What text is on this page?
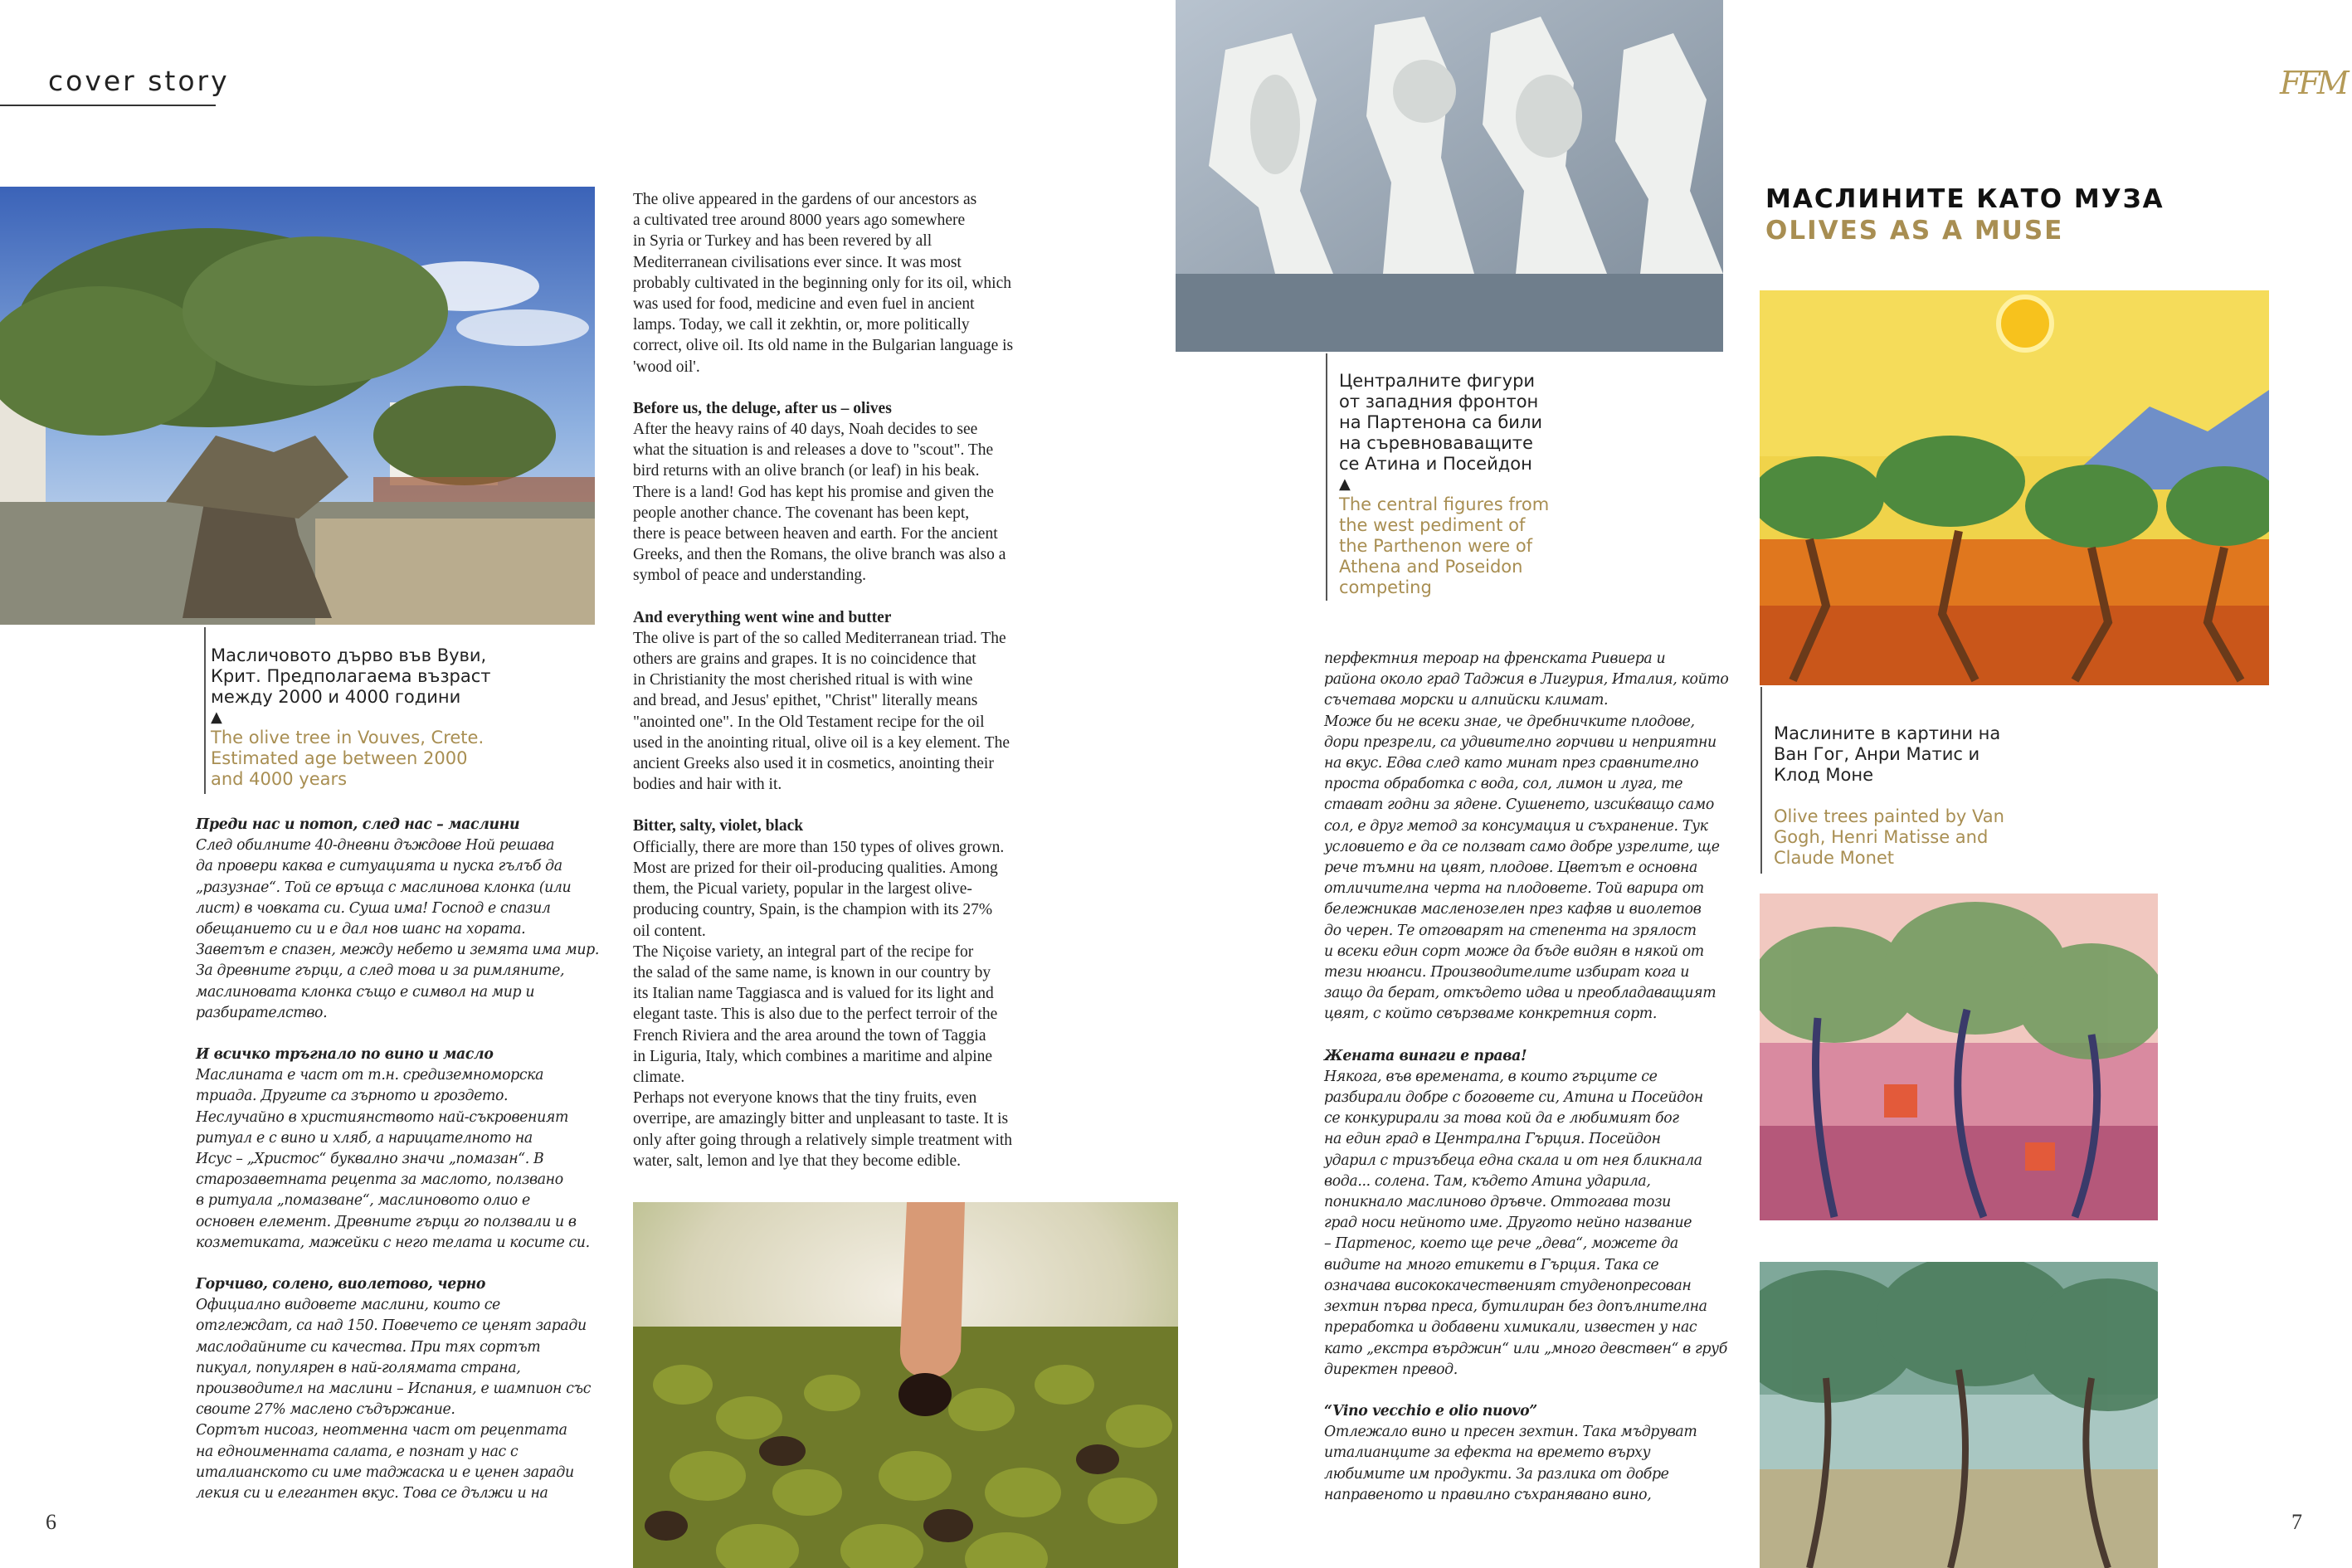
cover story	FFM
Масличовото дърво във Вуви,
Крит. Предполагаема възраст
между 2000 и 4000 години
▲
The olive tree in Vouves, Crete.
Estimated age between 2000
and 4000 years

Преди нас и потоп, след нас – маслини

След обилните 40-дневни дъждове Ной решава

да провери каква е ситуацията и пуска гълъб да

„разузнае“. Той се връща с маслинова клонка (или

лист) в човката си. Суша има! Господ е спазил

обещанието си и е дал нов шанс на хората.

Заветът е спазен, между небето и земята има мир.

За древните гърци, а след това и за римляните,

маслиновата клонка също е символ на мир и

разбирателство.

И всичко тръгнало по вино и масло

Маслината е част от т.н. средиземноморска

триада. Другите са зърното и гроздето.

Неслучайно в християнството най-съкровеният

ритуал е с вино и хляб, а нарицателното на

Исус – „Христос“ буквално значи „помазан“. В

старозаветната рецепта за маслото, ползвано

в ритуала „помазване“, маслиновото олио е

основен елемент. Древните гърци го ползвали и в

козметиката, мажейки с него телата и косите си.

Горчиво, солено, виолетово, черно

Официално видовете маслини, които се

отглеждат, са над 150. Повечето се ценят заради

маслодайните си качества. При тях сортът

пикуал, популярен в най-голямата страна,

производител на маслини – Испания, е шампион със

своите 27% маслено съдържание.

Сортът нисоаз, неотменна част от рецептата

на едноименната салата, е познат у нас с

италианското си име таджаска и е ценен заради

лекия си и елегантен вкус. Това се дължи и на

The olive appeared in the gardens of our ancestors as

a cultivated tree around 8000 years ago somewhere

in Syria or Turkey and has been revered by all

Mediterranean civilisations ever since. It was most

probably cultivated in the beginning only for its oil, which

was used for food, medicine and even fuel in ancient

lamps. Today, we call it zekhtin, or, more politically

correct, olive oil. Its old name in the Bulgarian language is

'wood oil'.

Before us, the deluge, after us – olives

After the heavy rains of 40 days, Noah decides to see

what the situation is and releases a dove to "scout". The

bird returns with an olive branch (or leaf) in his beak.

There is a land! God has kept his promise and given the

people another chance. The covenant has been kept,

there is peace between heaven and earth. For the ancient

Greeks, and then the Romans, the olive branch was also a

symbol of peace and understanding.

And everything went wine and butter

The olive is part of the so called Mediterranean triad. The

others are grains and grapes. It is no coincidence that

in Christianity the most cherished ritual is with wine

and bread, and Jesus' epithet, "Christ" literally means

"anointed one". In the Old Testament recipe for the oil

used in the anointing ritual, olive oil is a key element. The

ancient Greeks also used it in cosmetics, anointing their

bodies and hair with it.

Bitter, salty, violet, black

Officially, there are more than 150 types of olives grown.

Most are prized for their oil-producing qualities. Among

them, the Picual variety, popular in the largest olive-

producing country, Spain, is the champion with its 27%

oil content.

The Niçoise variety, an integral part of the recipe for

the salad of the same name, is known in our country by

its Italian name Taggiasca and is valued for its light and

elegant taste. This is also due to the perfect terroir of the

French Riviera and the area around the town of Taggia

in Liguria, Italy, which combines a maritime and alpine

climate.

Perhaps not everyone knows that the tiny fruits, even

overripe, are amazingly bitter and unpleasant to taste. It is

only after going through a relatively simple treatment with

water, salt, lemon and lye that they become edible.

Централните фигури
от западния фронтон
на Партенона са били
на съревноваващите
се Атина и Посейдон
▲
The central figures from
the west pediment of
the Parthenon were of
Athena and Poseidon
competing

перфектния тероар на френската Ривиера и

района около град Таджия в Лигурия, Италия, който

съчетава морски и алпийски климат.

Може би не всеки знае, че дребничките плодове,

дори презрели, са удивително горчиви и неприятни

на вкус. Едва след като минат през сравнително

проста обработка с вода, сол, лимон и луга, те

стават годни за ядене. Сушенето, изсиќващо само

сол, е друг метод за консумация и съхранение. Тук

условието е да се ползват само добре узрелите, ще

рече тъмни на цвят, плодове. Цветът е основна

отличителна черта на плодовете. Той варира от

бележникав масленозелен през кафяв и виолетов

до черен. Те отговарят на степента на зрялост

и всеки един сорт може да бъде видян в някой от

тези нюанси. Производителите избират кога и

защо да берат, откъдето идва и преобладаващият

цвят, с който свързваме конкретния сорт.

Жената винаги е права!

Някога, във времената, в които гърците се

разбирали добре с боговете си, Атина и Посейдон

се конкурирали за това кой да е любимият бог

на един град в Централна Гърция. Посейдон

ударил с тризъбеца една скала и от нея бликнала

вода... солена. Там, където Атина ударила,

поникнало маслиново дръвче. Оттогава този

град носи нейното име. Другото нейно название

– Партенос, което ще рече „дева“, можете да

видите на много етикети в Гърция. Така се

означава висококачественият студенопресован

зехтин първа преса, бутилиран без допълнителна

преработка и добавени химикали, известен у нас

като „екстра върджин“ или „много девствен“ в груб

директен превод.

“Vino vecchio e olio nuovo”

Отлежало вино и пресен зехтин. Така мъдруват

италианците за ефекта на времето върху

любимите им продукти. За разлика от добре

направеното и правилно съхранявано вино,

МАСЛИНИТЕ КАТО МУЗА
OLIVES AS A MUSE
Маслините в картини на
Ван Гог, Анри Матис и
Клод Моне
Olive trees painted by Van
Gogh, Henri Matisse and
Claude Monet
6	7
